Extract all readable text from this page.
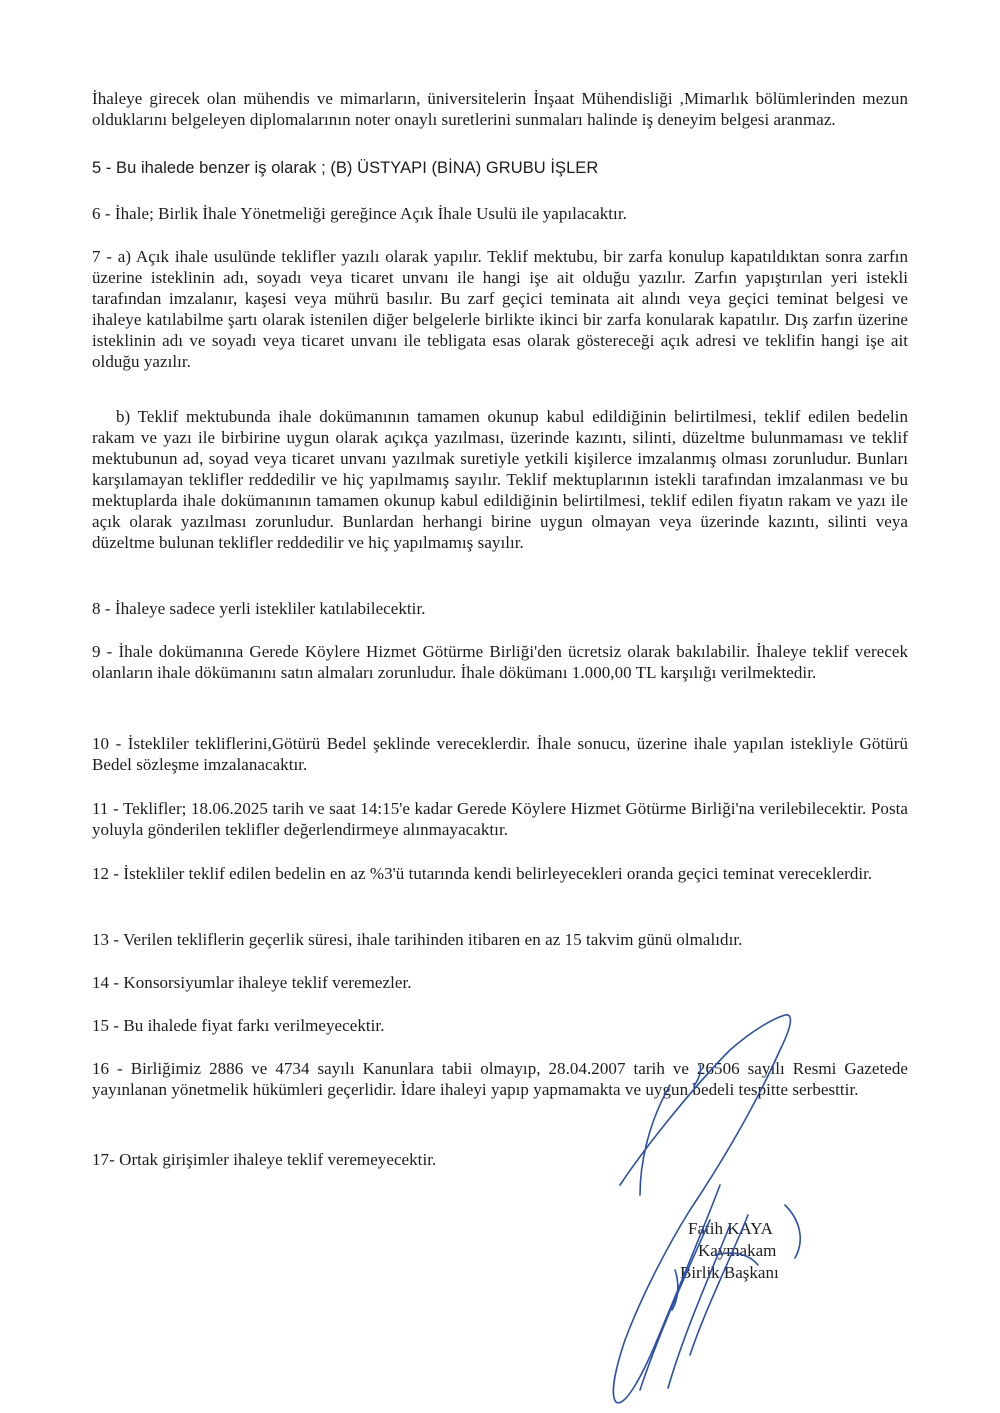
İhaleye girecek olan mühendis ve mimarların, üniversitelerin İnşaat Mühendisliği ,Mimarlık bölümlerinden mezun olduklarını belgeleyen diplomalarının noter onaylı suretlerini sunmaları halinde iş deneyim belgesi aranmaz.

5 - Bu ihalede benzer iş olarak ; (B) ÜSTYAPI (BİNA) GRUBU İŞLER

6 - İhale; Birlik İhale Yönetmeliği gereğince Açık İhale Usulü ile yapılacaktır.

7 - a) Açık ihale usulünde teklifler yazılı olarak yapılır. Teklif mektubu, bir zarfa konulup kapatıldıktan sonra zarfın üzerine isteklinin adı, soyadı veya ticaret unvanı ile hangi işe ait olduğu yazılır. Zarfın yapıştırılan yeri istekli tarafından imzalanır, kaşesi veya mührü basılır. Bu zarf geçici teminata ait alındı veya geçici teminat belgesi ve ihaleye katılabilme şartı olarak istenilen diğer belgelerle birlikte ikinci bir zarfa konularak kapatılır. Dış zarfın üzerine isteklinin adı ve soyadı veya ticaret unvanı ile tebligata esas olarak göstereceği açık adresi ve teklifin hangi işe ait olduğu yazılır.

b) Teklif mektubunda ihale dokümanının tamamen okunup kabul edildiğinin belirtilmesi, teklif edilen bedelin rakam ve yazı ile birbirine uygun olarak açıkça yazılması, üzerinde kazıntı, silinti, düzeltme bulunmaması ve teklif mektubunun ad, soyad veya ticaret unvanı yazılmak suretiyle yetkili kişilerce imzalanmış olması zorunludur. Bunları karşılamayan teklifler reddedilir ve hiç yapılmamış sayılır. Teklif mektuplarının istekli tarafından imzalanması ve bu mektuplarda ihale dokümanının tamamen okunup kabul edildiğinin belirtilmesi, teklif edilen fiyatın rakam ve yazı ile açık olarak yazılması zorunludur. Bunlardan herhangi birine uygun olmayan veya üzerinde kazıntı, silinti veya düzeltme bulunan teklifler reddedilir ve hiç yapılmamış sayılır.

8 - İhaleye sadece yerli istekliler katılabilecektir.

9 - İhale dokümanına Gerede Köylere Hizmet Götürme Birliği'den ücretsiz olarak bakılabilir. İhaleye teklif verecek olanların ihale dökümanını satın almaları zorunludur. İhale dökümanı 1.000,00 TL karşılığı verilmektedir.

10 - İstekliler tekliflerini,Götürü Bedel şeklinde vereceklerdir. İhale sonucu, üzerine ihale yapılan istekliyle Götürü Bedel sözleşme imzalanacaktır.

11 - Teklifler; 18.06.2025 tarih ve saat 14:15'e kadar Gerede Köylere Hizmet Götürme Birliği'na verilebilecektir. Posta yoluyla gönderilen teklifler değerlendirmeye alınmayacaktır.

12 - İstekliler teklif edilen bedelin en az %3'ü tutarında kendi belirleyecekleri oranda geçici teminat vereceklerdir.

13 - Verilen tekliflerin geçerlik süresi, ihale tarihinden itibaren en az 15 takvim günü olmalıdır.

14 - Konsorsiyumlar ihaleye teklif veremezler.

15 - Bu ihalede fiyat farkı verilmeyecektir.

16 - Birliğimiz 2886 ve 4734 sayılı Kanunlara tabii olmayıp, 28.04.2007 tarih ve 26506 sayılı Resmi Gazetede yayınlanan yönetmelik hükümleri geçerlidir. İdare ihaleyi yapıp yapmamakta ve uygun bedeli tespitte serbesttir.

17- Ortak girişimler ihaleye teklif veremeyecektir.

Fatih KAYA
Kaymakam
Birlik Başkanı
